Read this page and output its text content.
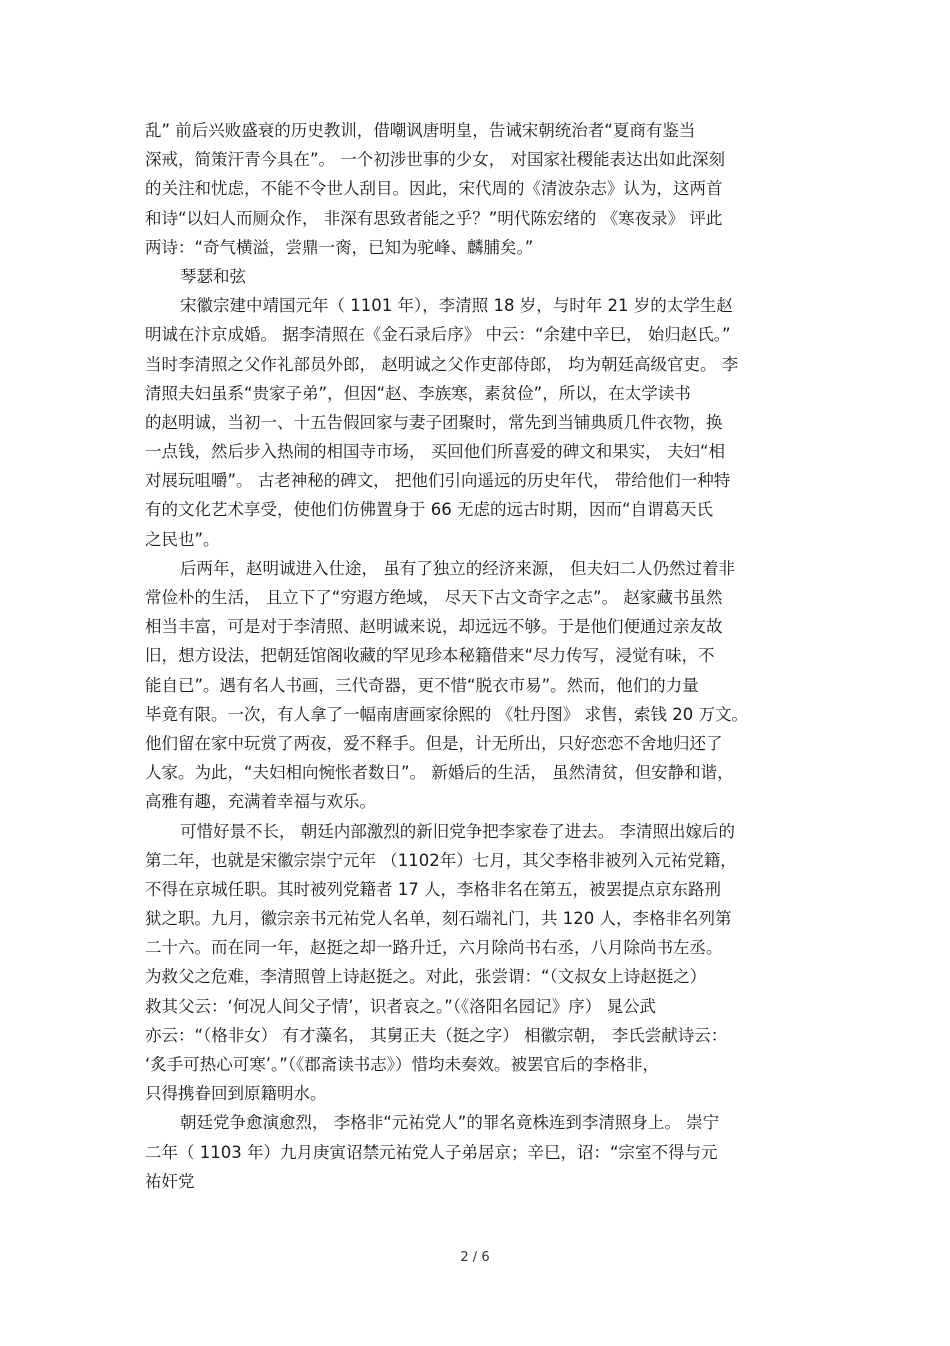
乱” 前后兴败盛衰的历史教训，借嘲讽唐明皇，告诫宋朝统治者“夏商有鉴当
深戒，简策汗青今具在”。 一个初涉世事的少女， 对国家社稷能表达出如此深刻
的关注和忧虑，不能不令世人刮目。因此，宋代周的《清波杂志》认为，这两首
和诗“以妇人而厕众作， 非深有思致者能之乎？”明代陈宏绪的 《寒夜录》 评此
两诗：“奇气横溢，尝鼎一脔，已知为驼峰、麟脯矣。”
琴瑟和弦
宋徽宗建中靖国元年（ 1101 年），李清照 18 岁，与时年 21 岁的太学生赵
明诚在汴京成婚。 据李清照在《金石录后序》 中云：“余建中辛巳， 始归赵氏。”
当时李清照之父作礼部员外郎， 赵明诚之父作吏部侍郎， 均为朝廷高级官吏。 李
清照夫妇虽系“贵家子弟”，但因“赵、李族寒，素贫俭”，所以，在太学读书
的赵明诚，当初一、十五告假回家与妻子团聚时，常先到当铺典质几件衣物，换
一点钱，然后步入热闹的相国寺市场， 买回他们所喜爱的碑文和果实， 夫妇“相
对展玩咀嚼”。 古老神秘的碑文， 把他们引向遥远的历史年代， 带给他们一种特
有的文化艺术享受，使他们仿佛置身于 66 无虑的远古时期，因而“自谓葛天氏
之民也”。
后两年，赵明诚进入仕途， 虽有了独立的经济来源， 但夫妇二人仍然过着非
常俭朴的生活， 且立下了“穷遐方绝域， 尽天下古文奇字之志”。 赵家藏书虽然
相当丰富，可是对于李清照、赵明诚来说，却远远不够。于是他们便通过亲友故
旧，想方设法，把朝廷馆阁收藏的罕见珍本秘籍借来“尽力传写，浸觉有味，不
能自已”。遇有名人书画，三代奇器，更不惜“脱衣市易”。然而，他们的力量
毕竟有限。一次，有人拿了一幅南唐画家徐熙的 《牡丹图》 求售，索钱 20 万文。
他们留在家中玩赏了两夜，爱不释手。但是，计无所出，只好恋恋不舍地归还了
人家。为此，“夫妇相向惋怅者数日”。 新婚后的生活， 虽然清贫，但安静和谐，
高雅有趣，充满着幸福与欢乐。
可惜好景不长， 朝廷内部激烈的新旧党争把李家卷了进去。 李清照出嫁后的
第二年，也就是宋徽宗崇宁元年 （1102年）七月，其父李格非被列入元祐党籍，
不得在京城任职。其时被列党籍者 17 人，李格非名在第五，被罢提点京东路刑
狱之职。九月，徽宗亲书元祐党人名单，刻石端礼门，共 120 人，李格非名列第
二十六。而在同一年，赵挺之却一路升迁，六月除尚书右丞，八月除尚书左丞。
为救父之危难，李清照曾上诗赵挺之。对此，张尝谓：“（文叔女上诗赵挺之）
救其父云：‘何况人间父子情’，识者哀之。”（《洛阳名园记》序） 晁公武
亦云：“（格非女） 有才藻名， 其舅正夫（挺之字） 相徽宗朝， 李氏尝献诗云：
‘炙手可热心可寒’。”（《郡斋读书志》）惜均未奏效。被罢官后的李格非，
只得携眷回到原籍明水。
朝廷党争愈演愈烈， 李格非“元祐党人”的罪名竟株连到李清照身上。 崇宁
二年（ 1103 年）九月庚寅诏禁元祐党人子弟居京；辛巳，诏：“宗室不得与元
祐奸党
2 / 6
